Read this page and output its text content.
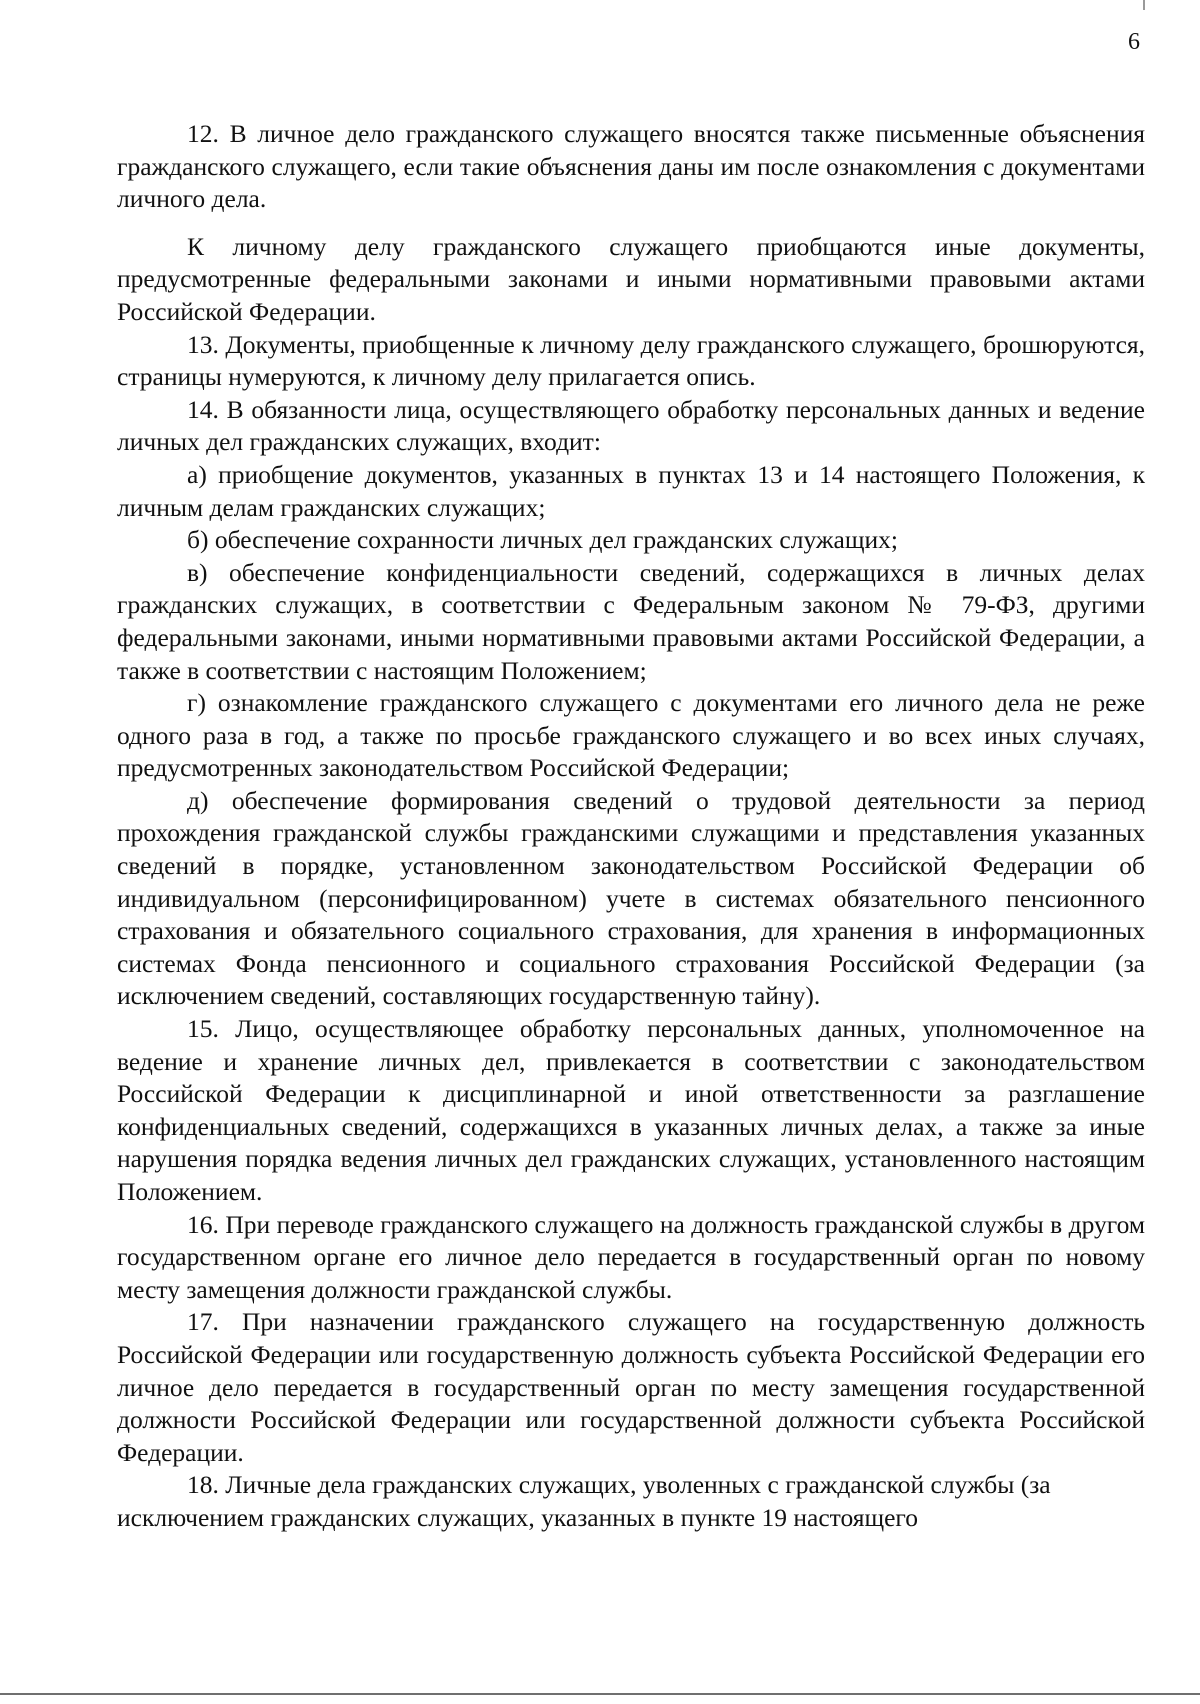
6

12. В личное дело гражданского служащего вносятся также письменные объяснения гражданского служащего, если такие объяснения даны им после ознакомления с документами личного дела.

К личному делу гражданского служащего приобщаются иные документы, предусмотренные федеральными законами и иными нормативными правовыми актами Российской Федерации.

13. Документы, приобщенные к личному делу гражданского служащего, брошюруются, страницы нумеруются, к личному делу прилагается опись.

14. В обязанности лица, осуществляющего обработку персональных данных и ведение личных дел гражданских служащих, входит:

а) приобщение документов, указанных в пунктах 13 и 14 настоящего Положения, к личным делам гражданских служащих;

б) обеспечение сохранности личных дел гражданских служащих;

в) обеспечение конфиденциальности сведений, содержащихся в личных делах гражданских служащих, в соответствии с Федеральным законом № 79-ФЗ, другими федеральными законами, иными нормативными правовыми актами Российской Федерации, а также в соответствии с настоящим Положением;

г) ознакомление гражданского служащего с документами его личного дела не реже одного раза в год, а также по просьбе гражданского служащего и во всех иных случаях, предусмотренных законодательством Российской Федерации;

д) обеспечение формирования сведений о трудовой деятельности за период прохождения гражданской службы гражданскими служащими и представления указанных сведений в порядке, установленном законодательством Российской Федерации об индивидуальном (персонифицированном) учете в системах обязательного пенсионного страхования и обязательного социального страхования, для хранения в информационных системах Фонда пенсионного и социального страхования Российской Федерации (за исключением сведений, составляющих государственную тайну).

15. Лицо, осуществляющее обработку персональных данных, уполномоченное на ведение и хранение личных дел, привлекается в соответствии с законодательством Российской Федерации к дисциплинарной и иной ответственности за разглашение конфиденциальных сведений, содержащихся в указанных личных делах, а также за иные нарушения порядка ведения личных дел гражданских служащих, установленного настоящим Положением.

16. При переводе гражданского служащего на должность гражданской службы в другом государственном органе его личное дело передается в государственный орган по новому месту замещения должности гражданской службы.

17. При назначении гражданского служащего на государственную должность Российской Федерации или государственную должность субъекта Российской Федерации его личное дело передается в государственный орган по месту замещения государственной должности Российской Федерации или государственной должности субъекта Российской Федерации.

18. Личные дела гражданских служащих, уволенных с гражданской службы (за исключением гражданских служащих, указанных в пункте 19 настоящего
